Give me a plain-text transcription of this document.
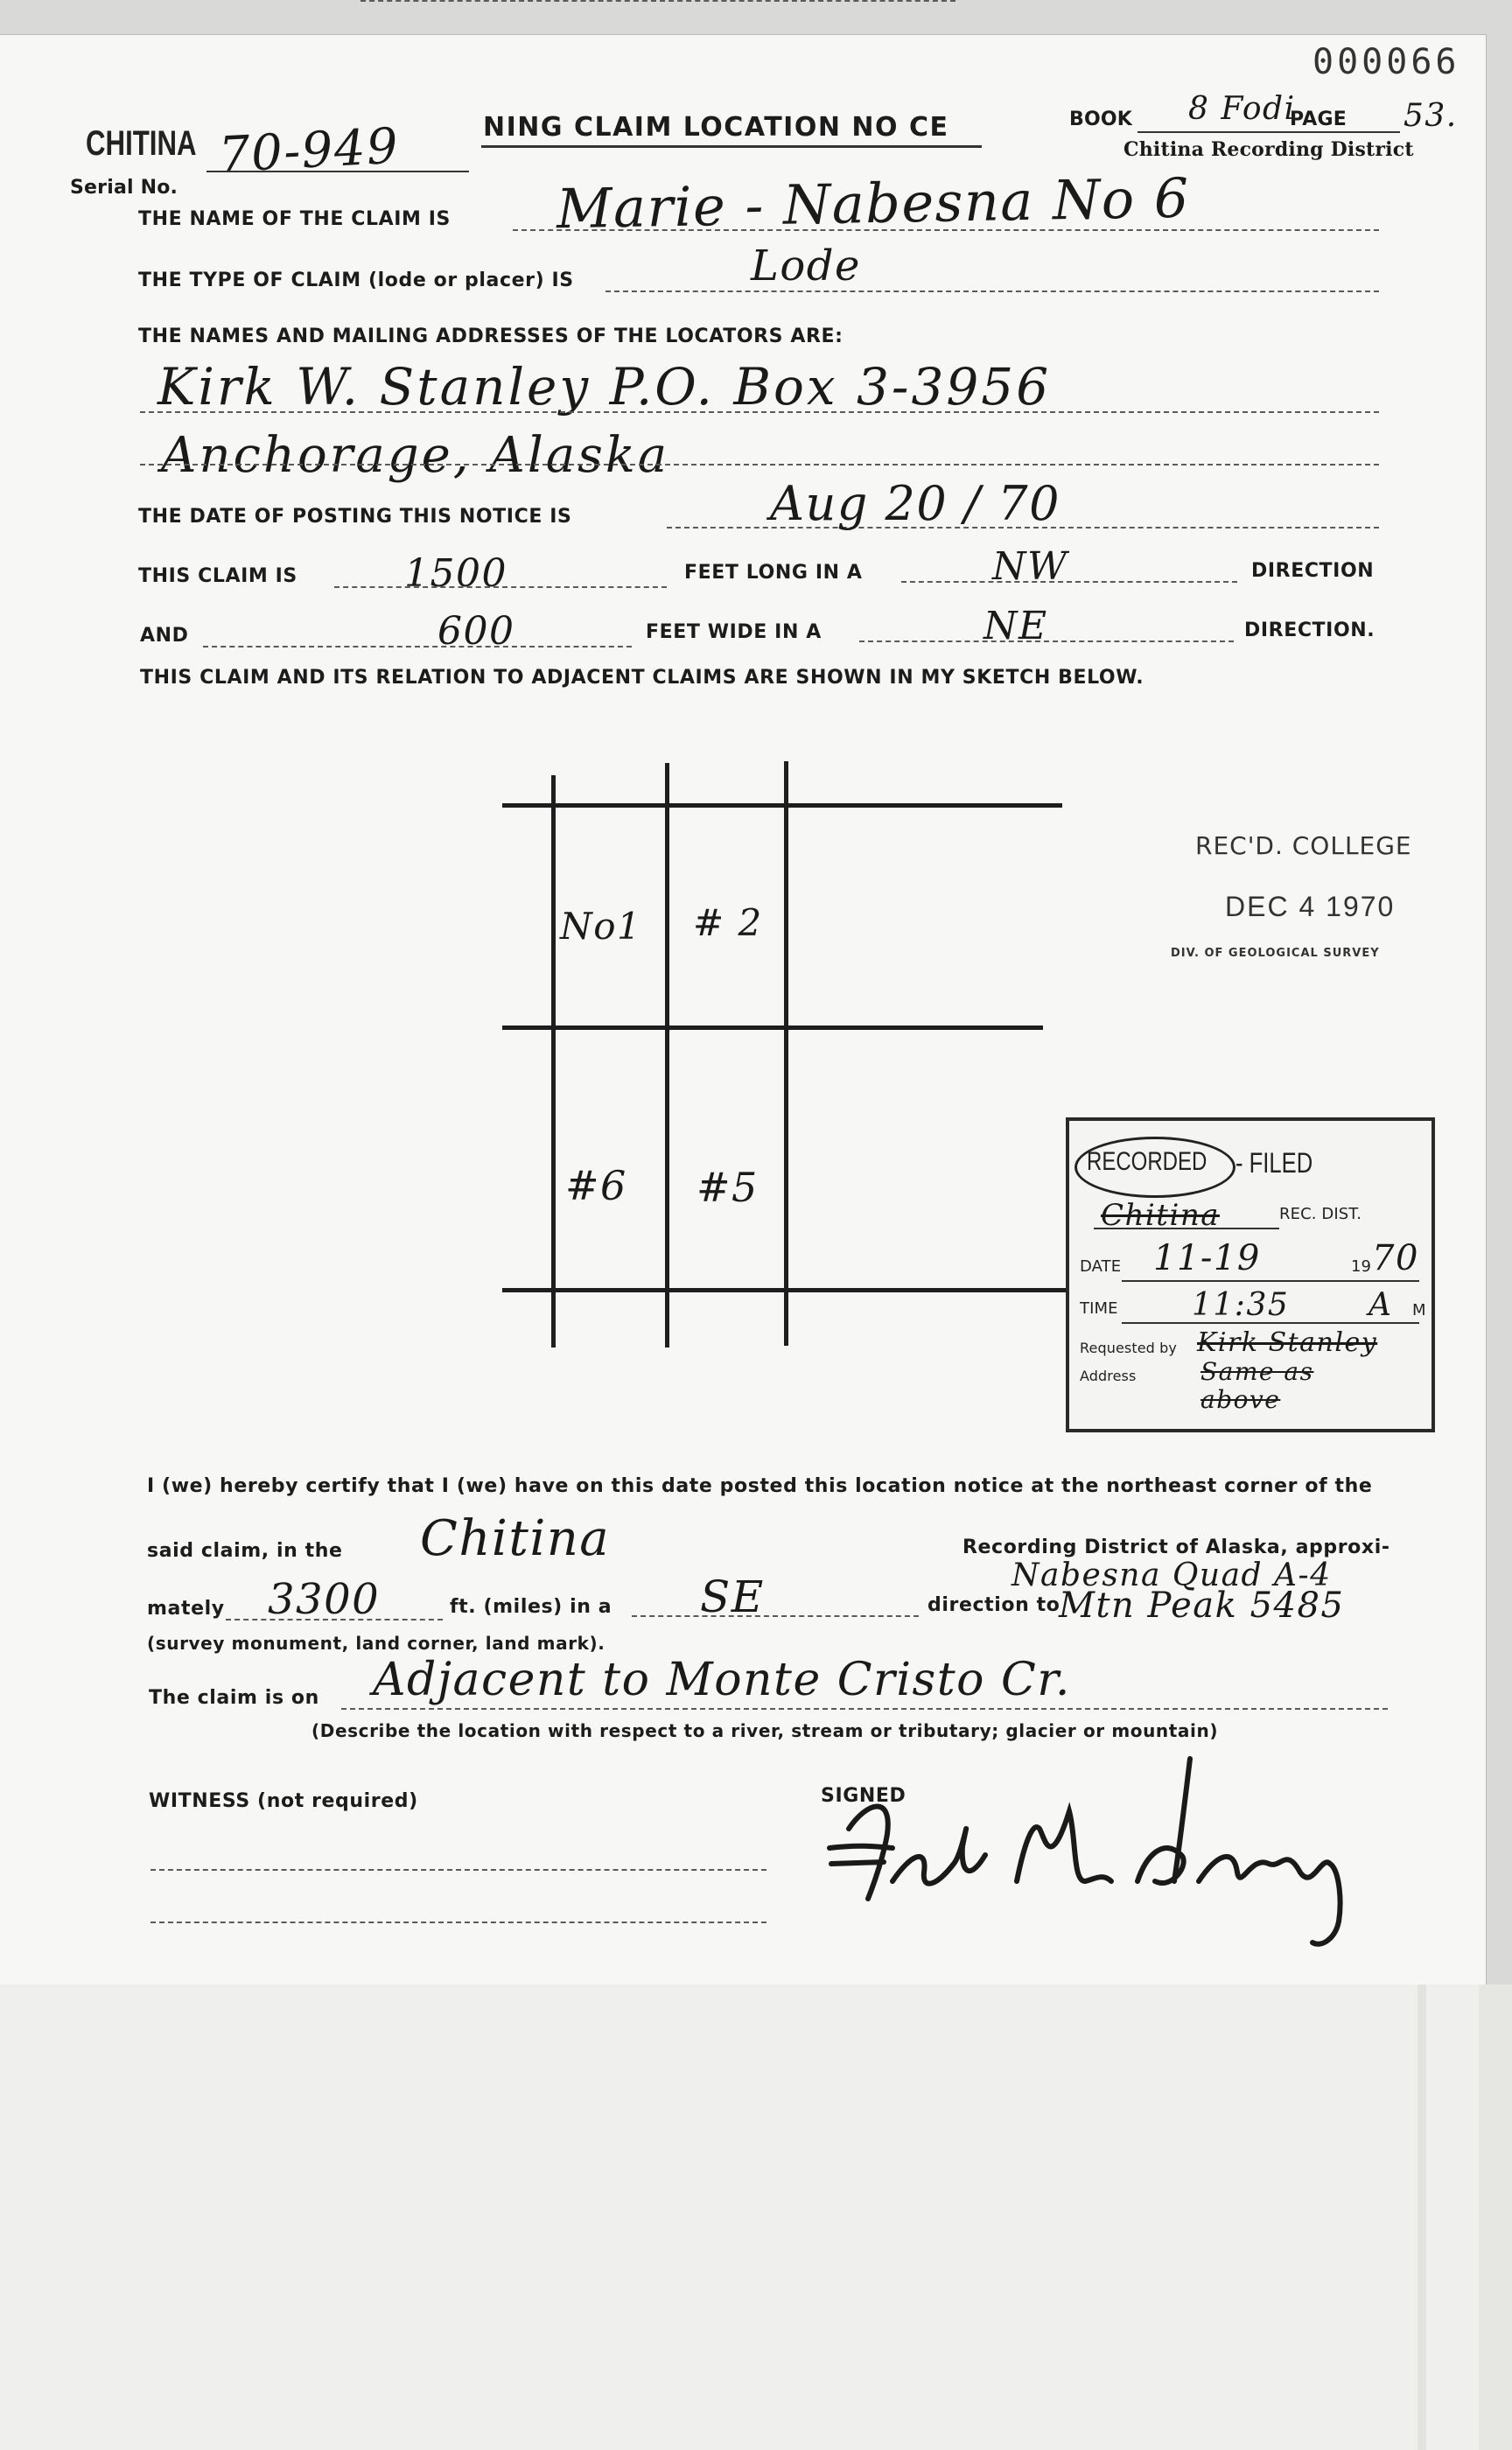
000066
CHITINA
Serial No.
70-949	NING CLAIM LOCATION NO CE	BOOK 8 Fodi
PAGE 53.
Chitina Recording District
THE NAME OF THE CLAIM IS Marie - Nabesna No 6
THE TYPE OF CLAIM (lode or placer) IS	Lode
THE NAMES AND MAILING ADDRESSES OF THE LOCATORS ARE:
Kirk W. Stanley P.O. Box 3-3956
Anchorage, Alaska
THE DATE OF POSTING THIS NOTICE IS	Aug 20 / 70
THIS CLAIM IS	1500	FEET LONG IN A	NW	DIRECTION
AND	600	FEET WIDE IN A	NE	DIRECTION.
THIS CLAIM AND ITS RELATION TO ADJACENT CLAIMS ARE SHOWN IN MY SKETCH BELOW.
No1 # 2
#6 #5
REC'D. COLLEGE
DEC 4 1970
DIV. OF GEOLOGICAL SURVEY
RECORDED - FILED
Chitina	REC. DIST.
DATE 11-19	19 70
TIME 11:35	A M
Requested by Kirk Stanley
Address	Same as
above
I (we) hereby certify that I (we) have on this date posted this location notice at the northeast corner of the
said claim, in the Chitina	Recording District of Alaska, approxi-
Nabesna Quad A-4
mately 3300	ft. (miles) in a SE	direction to
Mtn Peak 5485
(survey monument, land corner, land mark).
The claim is on Adjacent to Monte Cristo Cr.
(Describe the location with respect to a river, stream or tributary; glacier or mountain)
WITNESS (not required)	SIGNED
Kirk W. Stanley
